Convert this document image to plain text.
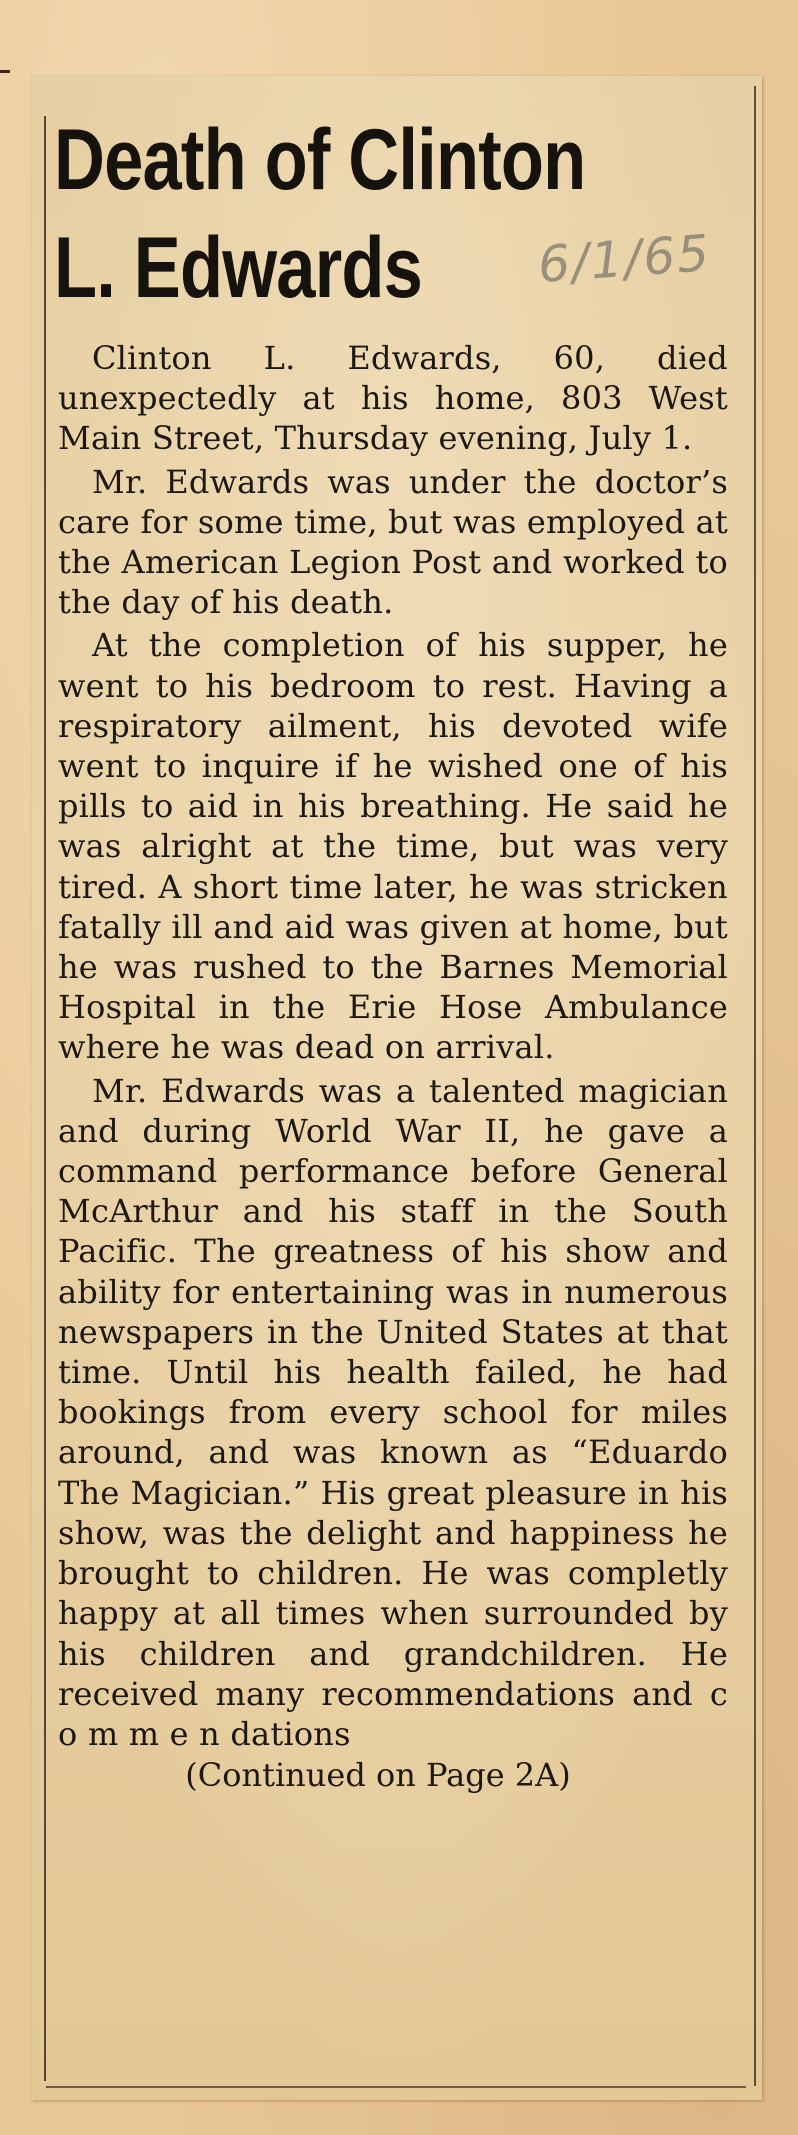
Death of Clinton
L. Edwards	6/1/65

Clinton L. Edwards, 60, died unexpectedly at his home, 803 West Main Street, Thursday evening, July 1.

Mr. Edwards was under the doctor’s care for some time, but was employed at the American Legion Post and worked to the day of his death.

At the completion of his supper, he went to his bedroom to rest. Having a respiratory ailment, his devoted wife went to inquire if he wished one of his pills to aid in his breathing. He said he was alright at the time, but was very tired. A short time later, he was stricken fatally ill and aid was given at home, but he was rushed to the Barnes Memorial Hospital in the Erie Hose Ambulance where he was dead on arrival.

Mr. Edwards was a talented magician and during World War II, he gave a command performance before General McArthur and his staff in the South Pacific. The greatness of his show and ability for entertaining was in numerous newspapers in the United States at that time. Until his health failed, he had bookings from every school for miles around, and was known as “Eduardo The Magician.” His great pleasure in his show, was the delight and happiness he brought to children. He was completly happy at all times when surrounded by his children and grandchildren. He received many recommendations and c o m m e n dations

(Continued on Page 2A)
